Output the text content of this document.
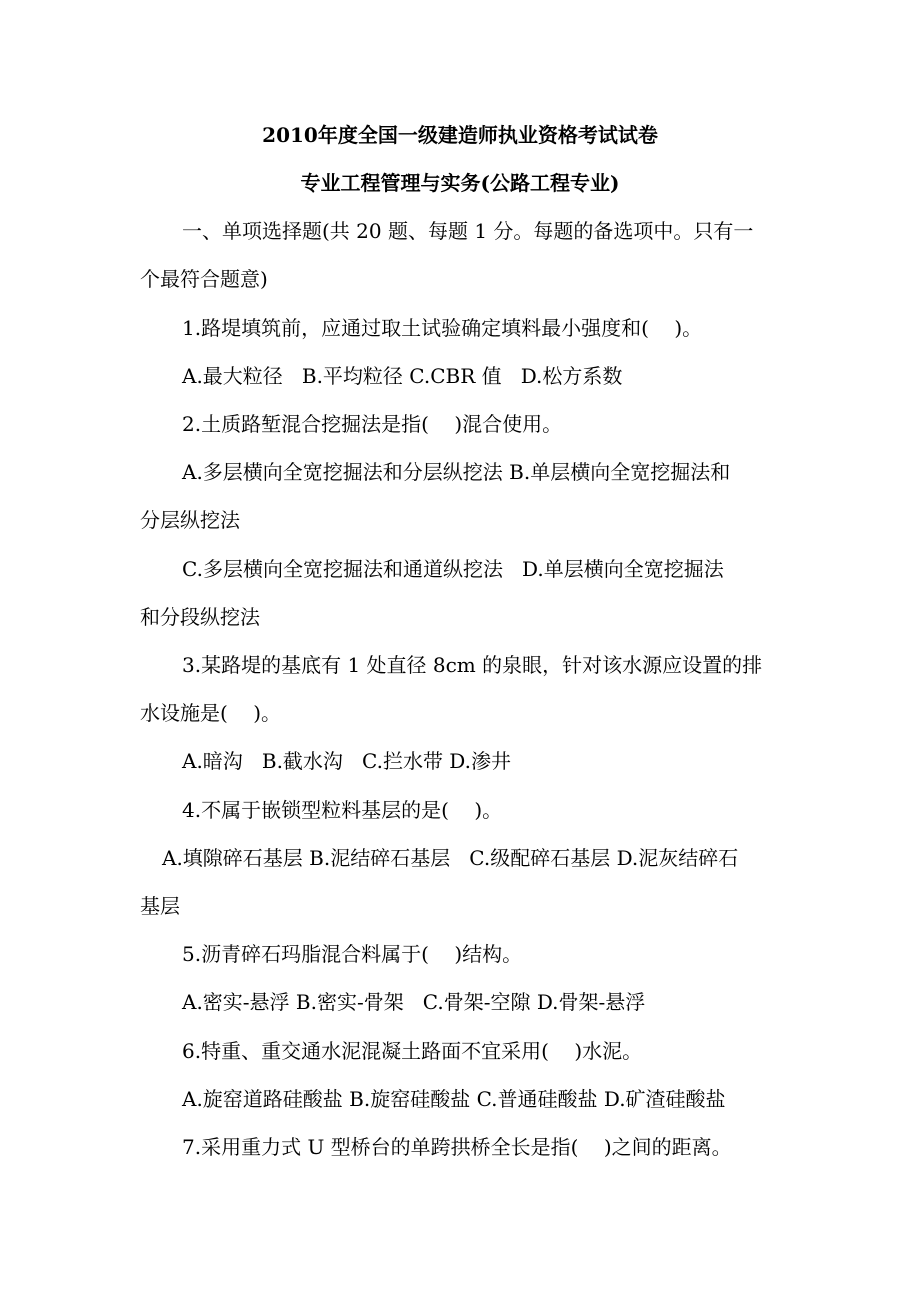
2010年度全国一级建造师执业资格考试试卷
专业工程管理与实务(公路工程专业)
一、单项选择题(共 20 题、每题 1 分。每题的备选项中。只有一
个最符合题意)
1.路堤填筑前，应通过取土试验确定填料最小强度和(    )。
A.最大粒径   B.平均粒径 C.CBR 值   D.松方系数
2.土质路堑混合挖掘法是指(    )混合使用。
A.多层横向全宽挖掘法和分层纵挖法 B.单层横向全宽挖掘法和
分层纵挖法
C.多层横向全宽挖掘法和通道纵挖法   D.单层横向全宽挖掘法
和分段纵挖法
3.某路堤的基底有 1 处直径 8cm 的泉眼，针对该水源应设置的排
水设施是(    )。
A.暗沟   B.截水沟   C.拦水带 D.渗井
4.不属于嵌锁型粒料基层的是(    )。
A.填隙碎石基层 B.泥结碎石基层   C.级配碎石基层 D.泥灰结碎石
基层
5.沥青碎石玛脂混合料属于(    )结构。
A.密实-悬浮 B.密实-骨架   C.骨架-空隙 D.骨架-悬浮
6.特重、重交通水泥混凝土路面不宜采用(    )水泥。
A.旋窑道路硅酸盐 B.旋窑硅酸盐 C.普通硅酸盐 D.矿渣硅酸盐
7.采用重力式 U 型桥台的单跨拱桥全长是指(    )之间的距离。
